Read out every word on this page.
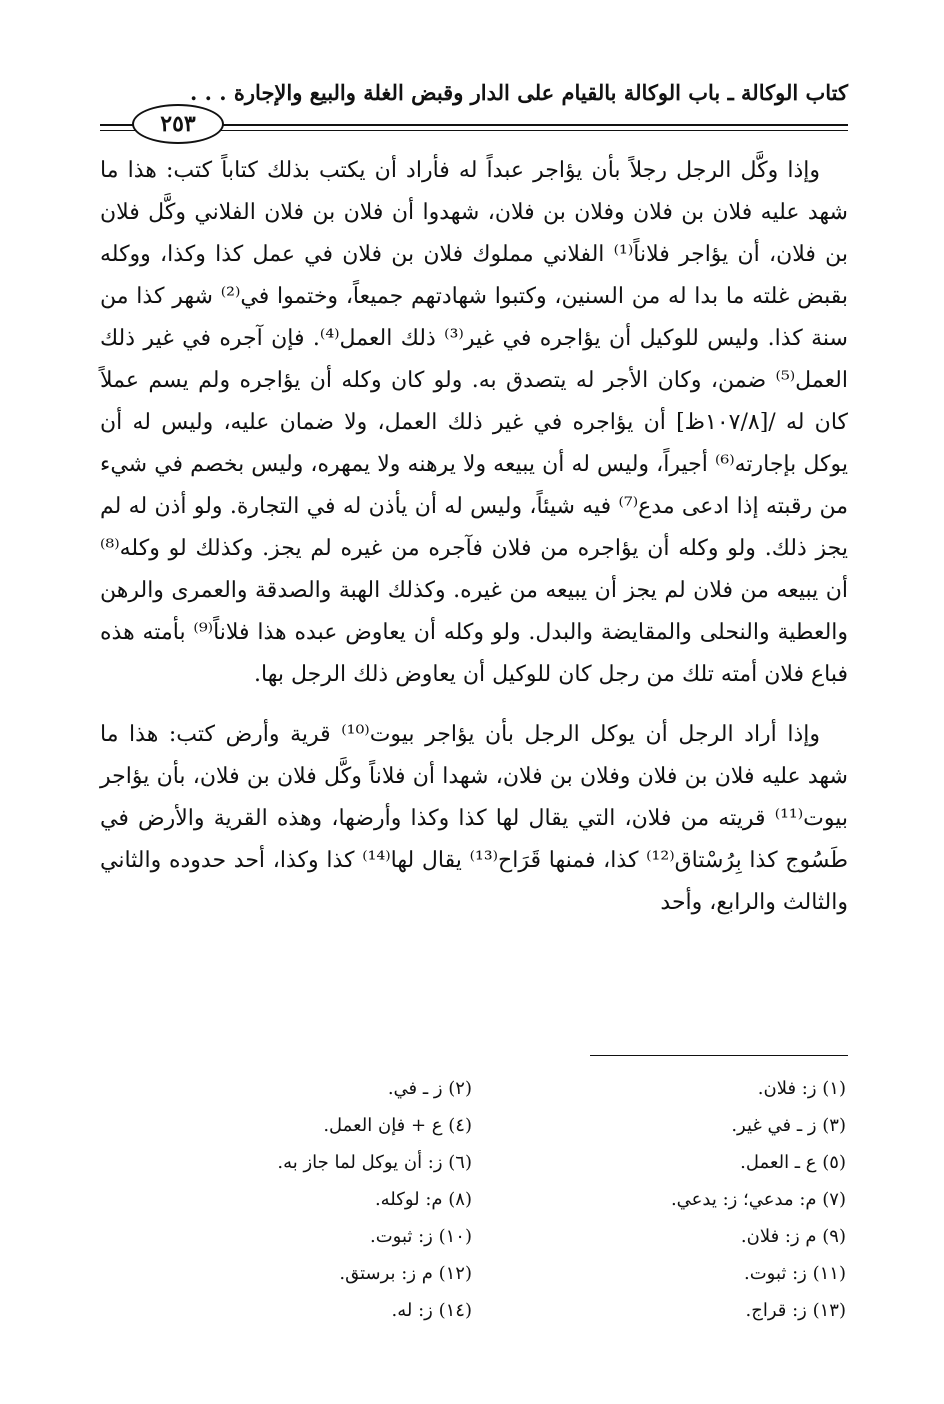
كتاب الوكالة ـ باب الوكالة بالقيام على الدار وقبض الغلة والبيع والإجارة . . .
٢٥٣

وإذا وكَّل الرجل رجلاً بأن يؤاجر عبداً له فأراد أن يكتب بذلك كتاباً كتب: هذا ما شهد عليه فلان بن فلان وفلان بن فلان، شهدوا أن فلان بن فلان الفلاني وكَّل فلان بن فلان، أن يؤاجر فلاناً⁽¹⁾ الفلاني مملوك فلان بن فلان في عمل كذا وكذا، ووكله بقبض غلته ما بدا له من السنين، وكتبوا شهادتهم جميعاً، وختموا في⁽²⁾ شهر كذا من سنة كذا. وليس للوكيل أن يؤاجره في غير⁽³⁾ ذلك العمل⁽⁴⁾. فإن آجره في غير ذلك العمل⁽⁵⁾ ضمن، وكان الأجر له يتصدق به. ولو كان وكله أن يؤاجره ولم يسم عملاً كان له /[١٠٧/٨ظ] أن يؤاجره في غير ذلك العمل، ولا ضمان عليه، وليس له أن يوكل بإجارته⁽⁶⁾ أجيراً، وليس له أن يبيعه ولا يرهنه ولا يمهره، وليس بخصم في شيء من رقبته إذا ادعى مدع⁽⁷⁾ فيه شيئاً، وليس له أن يأذن له في التجارة. ولو أذن له لم يجز ذلك. ولو وكله أن يؤاجره من فلان فآجره من غيره لم يجز. وكذلك لو وكله⁽⁸⁾ أن يبيعه من فلان لم يجز أن يبيعه من غيره. وكذلك الهبة والصدقة والعمرى والرهن والعطية والنحلى والمقايضة والبدل. ولو وكله أن يعاوض عبده هذا فلاناً⁽⁹⁾ بأمته هذه فباع فلان أمته تلك من رجل كان للوكيل أن يعاوض ذلك الرجل بها.

وإذا أراد الرجل أن يوكل الرجل بأن يؤاجر بيوت⁽¹⁰⁾ قرية وأرض كتب: هذا ما شهد عليه فلان بن فلان وفلان بن فلان، شهدا أن فلاناً وكَّل فلان بن فلان، بأن يؤاجر بيوت⁽¹¹⁾ قريته من فلان، التي يقال لها كذا وكذا وأرضها، وهذه القرية والأرض في طَسُوج كذا بِرُسْتاق⁽¹²⁾ كذا، فمنها قَرَاح⁽¹³⁾ يقال لها⁽¹⁴⁾ كذا وكذا، أحد حدوده والثاني والثالث والرابع، وأحد

(١) ز: فلان.
(٢) ز ـ في.
(٣) ز ـ في غير.
(٤) ع + فإن العمل.
(٥) ع ـ العمل.
(٦) ز: أن يوكل لما جاز به.
(٧) م: مدعي؛ ز: يدعي.
(٨) م: لوكله.
(٩) م ز: فلان.
(١٠) ز: ثبوت.
(١١) ز: ثبوت.
(١٢) م ز: برستق.
(١٣) ز: قراج.
(١٤) ز: له.
